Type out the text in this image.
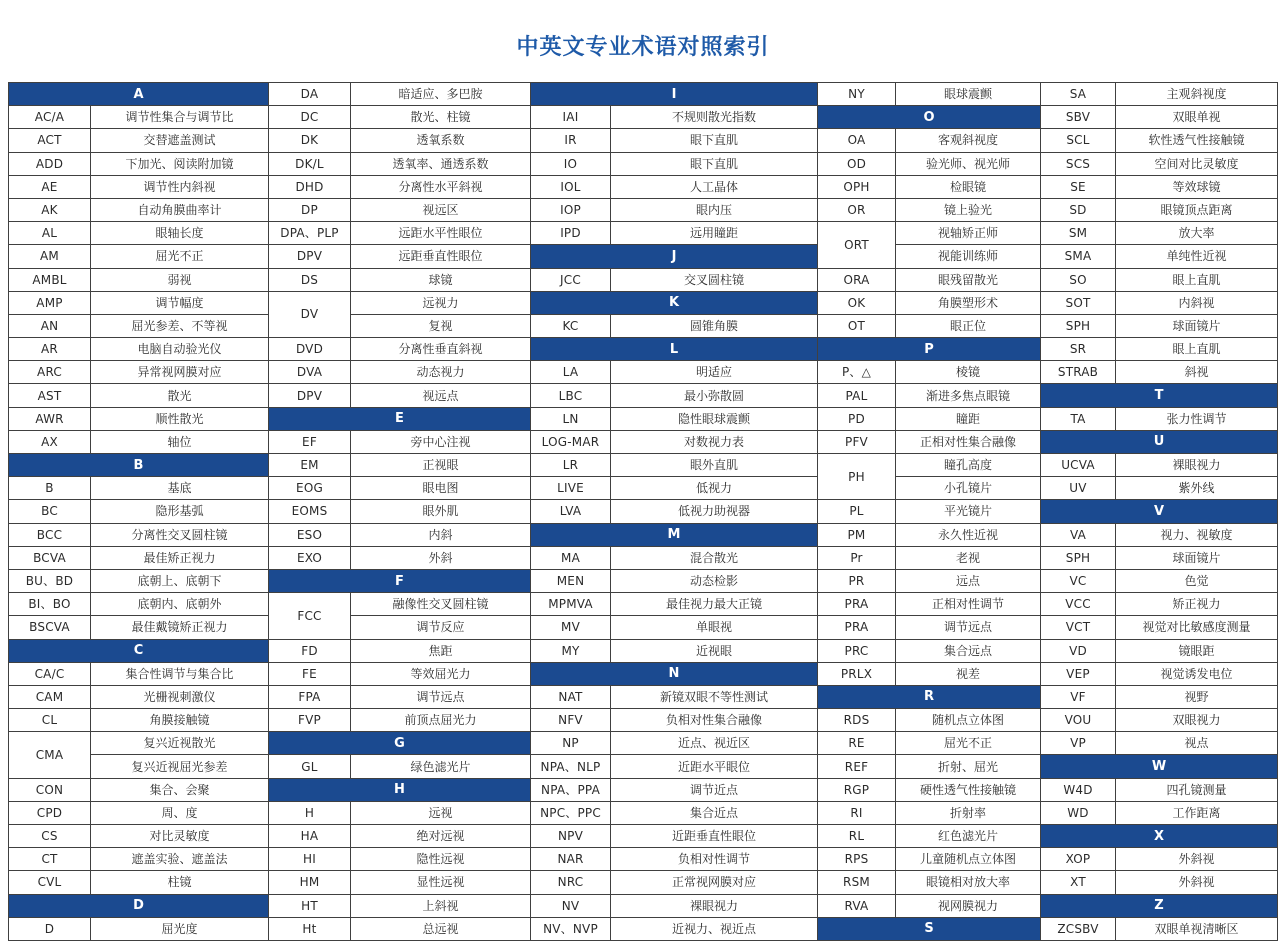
中英文专业术语对照索引
A	
AC/A	调节性集合与调节比
ACT	交替遮盖测试
ADD	下加光、阅读附加镜
AE	调节性内斜视
AK	自动角膜曲率计
AL	眼轴长度
AM	屈光不正
AMBL	弱视
AMP	调节幅度
AN	屈光参差、不等视
AR	电脑自动验光仪
ARC	异常视网膜对应
AST	散光
AWR	顺性散光
AX	轴位
B	
B	基底
BC	隐形基弧
BCC	分离性交叉圆柱镜
BCVA	最佳矫正视力
BU、BD	底朝上、底朝下
BI、BO	底朝内、底朝外
BSCVA	最佳戴镜矫正视力
C	
CA/C	集合性调节与集合比
CAM	光栅视刺激仪
CL	角膜接触镜
CMA	复兴近视散光
	复兴近视屈光参差
CON	集合、会聚
CPD	周、度
CS	对比灵敏度
CT	遮盖实验、遮盖法
CVL	柱镜
D	
D	屈光度
DA	暗适应、多巴胺
DC	散光、柱镜
DK	透氧系数
DK/L	透氧率、通透系数
DHD	分离性水平斜视
DP	视远区
DPA、PLP	远距水平性眼位
DPV	远距垂直性眼位
DS	球镜
DV	远视力
	复视
DVD	分离性垂直斜视
DVA	动态视力
DPV	视远点
E	
EF	旁中心注视
EM	正视眼
EOG	眼电图
EOMS	眼外肌
ESO	内斜
EXO	外斜
F	
FCC	融像性交叉圆柱镜
	调节反应
FD	焦距
FE	等效屈光力
FPA	调节远点
FVP	前顶点屈光力
G	
GL	绿色滤光片
H	
H	远视
HA	绝对远视
HI	隐性远视
HM	显性远视
HT	上斜视
Ht	总远视
I	
IAI	不规则散光指数
IR	眼下直肌
IO	眼下直肌
IOL	人工晶体
IOP	眼内压
IPD	远用瞳距
J	
JCC	交叉圆柱镜
K	
KC	圆锥角膜
L	
LA	明适应
LBC	最小弥散圆
LN	隐性眼球震颤
LOG-MAR	对数视力表
LR	眼外直肌
LIVE	低视力
LVA	低视力助视器
M	
MA	混合散光
MEN	动态检影
MPMVA	最佳视力最大正镜
MV	单眼视
MY	近视眼
N	
NAT	新镜双眼不等性测试
NFV	负相对性集合融像
NP	近点、视近区
NPA、NLP	近距水平眼位
NPA、PPA	调节近点
NPC、PPC	集合近点
NPV	近距垂直性眼位
NAR	负相对性调节
NRC	正常视网膜对应
NV	裸眼视力
NV、NVP	近视力、视近点
NY	眼球震颤
O	
OA	客观斜视度
OD	验光师、视光师
OPH	检眼镜
OR	镜上验光
ORT	视轴矫正师
	视能训练师
ORA	眼残留散光
OK	角膜塑形术
OT	眼正位
P	
P、△	棱镜
PAL	渐进多焦点眼镜
PD	瞳距
PFV	正相对性集合融像
PH	瞳孔高度
	小孔镜片
PL	平光镜片
PM	永久性近视
Pr	老视
PR	远点
PRA	正相对性调节
PRA	调节远点
PRC	集合远点
PRLX	视差
R	
RDS	随机点立体图
RE	屈光不正
REF	折射、屈光
RGP	硬性透气性接触镜
RI	折射率
RL	红色滤光片
RPS	儿童随机点立体图
RSM	眼镜相对放大率
RVA	视网膜视力
S	
SA	主观斜视度
SBV	双眼单视
SCL	软性透气性接触镜
SCS	空间对比灵敏度
SE	等效球镜
SD	眼镜顶点距离
SM	放大率
SMA	单纯性近视
SO	眼上直肌
SOT	内斜视
SPH	球面镜片
SR	眼上直肌
STRAB	斜视
T	
TA	张力性调节
U	
UCVA	裸眼视力
UV	紫外线
V	
VA	视力、视敏度
SPH	球面镜片
VC	色觉
VCC	矫正视力
VCT	视觉对比敏感度测量
VD	镜眼距
VEP	视觉诱发电位
VF	视野
VOU	双眼视力
VP	视点
W	
W4D	四孔镜测量
WD	工作距离
X	
XOP	外斜视
XT	外斜视
Z	
ZCSBV	双眼单视清晰区
